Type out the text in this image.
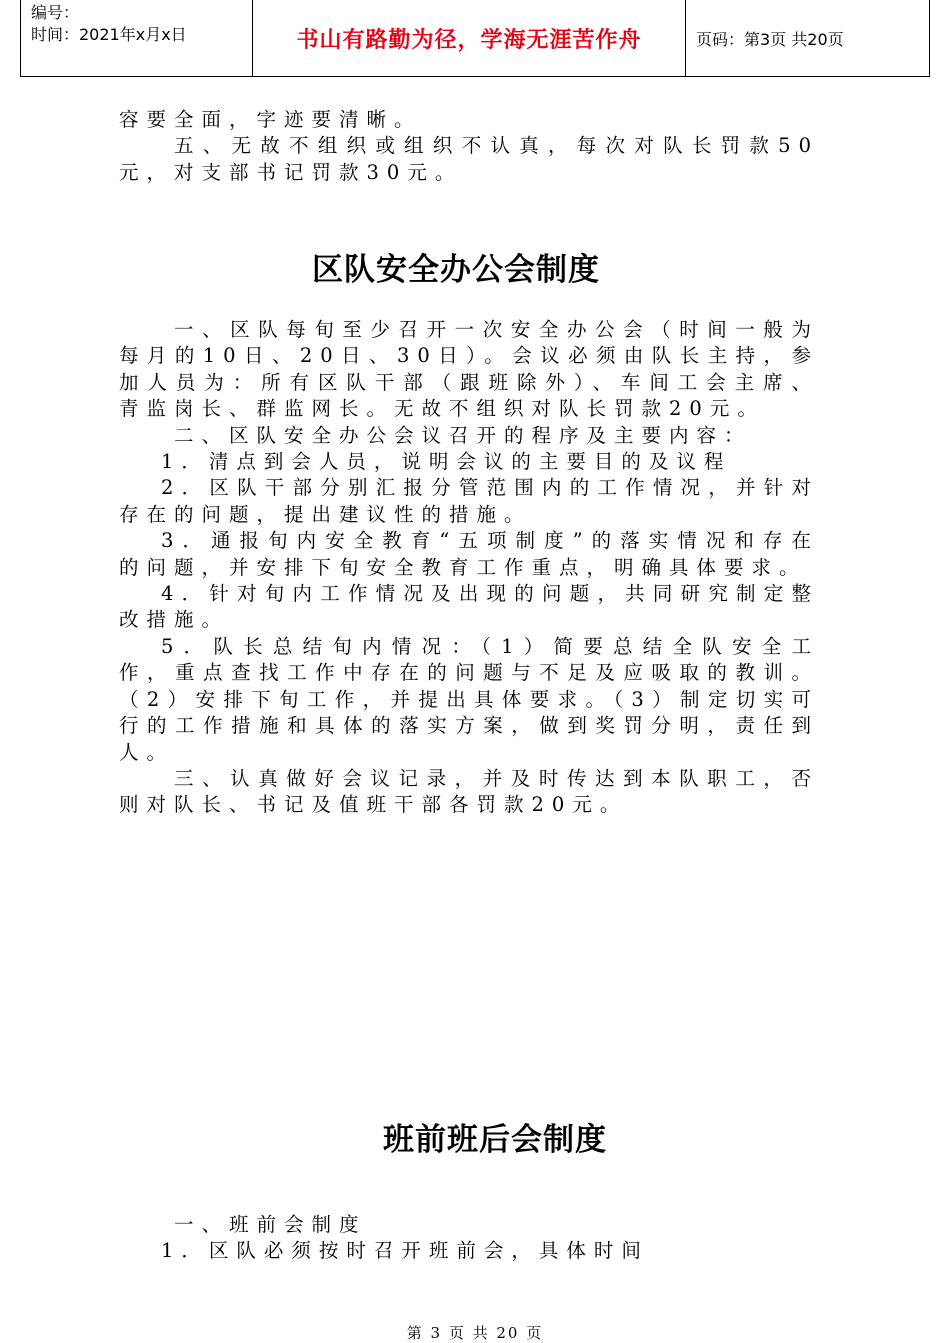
编号：
时间：2021年x月x日	书山有路勤为径，学海无涯苦作舟	页码：第3页 共20页

容要全面，字迹要清晰。

五、无故不组织或组织不认真，每次对队长罚款50元，对支部书记罚款30元。

区队安全办公会制度

一、区队每旬至少召开一次安全办公会（时间一般为每月的10日、20日、30日）。会议必须由队长主持，参加人员为：所有区队干部（跟班除外）、车间工会主席、青监岗长、群监网长。无故不组织对队长罚款20元。

二、区队安全办公会议召开的程序及主要内容：

1．清点到会人员，说明会议的主要目的及议程

2．区队干部分别汇报分管范围内的工作情况，并针对存在的问题，提出建议性的措施。

3．通报旬内安全教育“五项制度”的落实情况和存在的问题，并安排下旬安全教育工作重点，明确具体要求。

4．针对旬内工作情况及出现的问题，共同研究制定整改措施。

5．队长总结旬内情况：（1）简要总结全队安全工作，重点查找工作中存在的问题与不足及应吸取的教训。（2）安排下旬工作，并提出具体要求。（3）制定切实可行的工作措施和具体的落实方案，做到奖罚分明，责任到人。

三、认真做好会议记录，并及时传达到本队职工，否则对队长、书记及值班干部各罚款20元。

班前班后会制度

一、班前会制度

1．区队必须按时召开班前会，具体时间

第 3 页 共 20 页
